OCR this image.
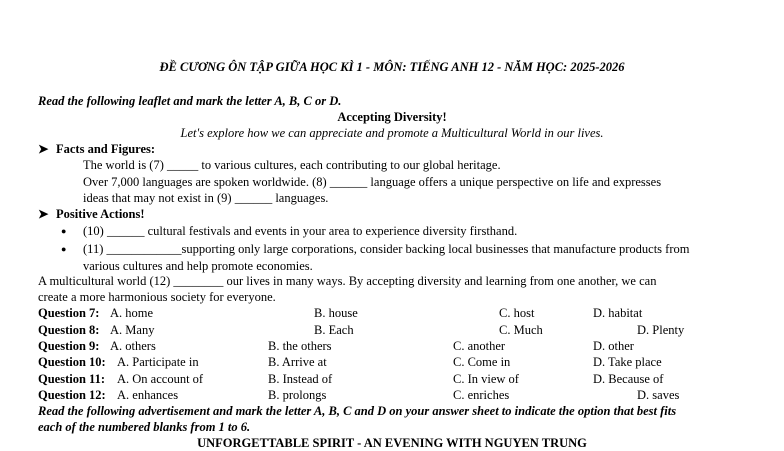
ĐỀ CƯƠNG ÔN TẬP GIỮA HỌC KÌ 1 - MÔN: TIẾNG ANH 12 - NĂM HỌC: 2025-2026
Read the following leaflet and mark the letter A, B, C or D.
Accepting Diversity!
Let's explore how we can appreciate and promote a Multicultural World in our lives.
➤ Facts and Figures:
The world is (7) _____ to various cultures, each contributing to our global heritage.
Over 7,000 languages are spoken worldwide. (8) ______ language offers a unique perspective on life and expresses
ideas that may not exist in (9) ______ languages.
➤ Positive Actions!
● (10) ______ cultural festivals and events in your area to experience diversity firsthand.
● (11) ____________supporting only large corporations, consider backing local businesses that manufacture products from
various cultures and help promote economies.
A multicultural world (12) ________ our lives in many ways. By accepting diversity and learning from one another, we can
create a more harmonious society for everyone.
Question 7: A. home	B. house	C. host	D. habitat
Question 8: A. Many	B. Each	C. Much	D. Plenty
Question 9: A. others	B. the others	C. another	D. other
Question 10: A. Participate in	B. Arrive at	C. Come in	D. Take place
Question 11: A. On account of	B. Instead of	C. In view of	D. Because of
Question 12: A. enhances	B. prolongs	C. enriches	D. saves
Read the following advertisement and mark the letter A, B, C and D on your answer sheet to indicate the option that best fits
each of the numbered blanks from 1 to 6.
UNFORGETTABLE SPIRIT - AN EVENING WITH NGUYEN TRUNG
